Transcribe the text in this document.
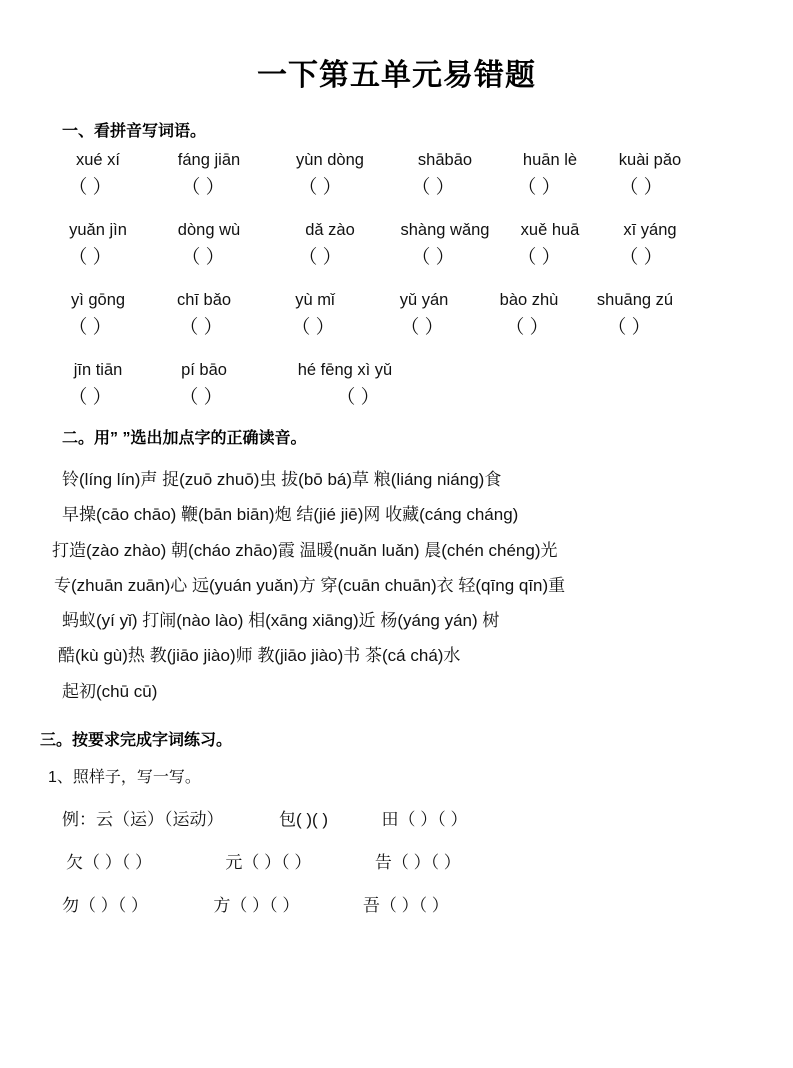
一下第五单元易错题
一、看拼音写词语。
xué xí	fáng jiān	yùn dòng	shābāo	huān lè	kuài pǎo
（ ）	（ ）	（ ）	（ ）	（ ）	（ ）
yuǎn jìn	dòng wù	dǎ zào	shàng wǎng	xuě huā	xī yáng
（ ）	（ ）	（ ）	（ ）	（ ）	（ ）
yì gōng	chī bǎo	yù mǐ	yǔ yán	bào zhù	shuāng zú
（ ）	（ ）	（ ）	（ ）	（ ）	（ ）
jīn tiān	pí bāo	hé fēng xì yǔ
（ ）	（ ）	（ ）
二。用” ”选出加点字的正确读音。
铃(líng lín)声 捉(zuō zhuō)虫 拔(bō bá)草 粮(liáng niáng)食
早操(cāo chāo) 鞭(bān biān)炮 结(jié jiē)网 收藏(cáng cháng)
打造(zào zhào) 朝(cháo zhāo)霞 温暖(nuǎn luǎn) 晨(chén chéng)光
专(zhuān zuān)心 远(yuán yuǎn)方 穿(cuān chuān)衣 轻(qīng qīn)重
蚂蚁(yí yǐ) 打闹(nào lào) 相(xāng xiāng)近 杨(yáng yán) 树
酷(kù gù)热 教(jiāo jiào)师 教(jiāo jiào)书 茶(cá chá)水
起初(chū cū)
三。按要求完成字词练习。
1、照样子，写一写。
例：云（运）（运动）	包( )( )	田（ ）（ ）
欠（ ）（ ）	元（ ）（ ）	告（ ）（ ）
勿（ ）（ ）	方（ ）（ ）	吾（ ）（ ）
